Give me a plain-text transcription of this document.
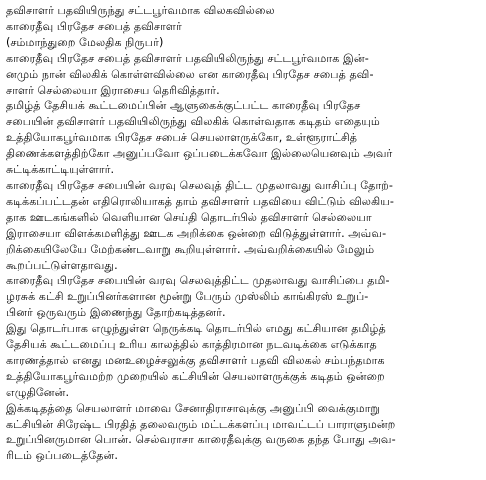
தவிசாளர் பதவியிருந்து சட்டபூர்வமாக விலகவில்லை
காரைதீவு பிரதேச சபைத் தவிசாளர்
(சம்மாந்துறை மேலதிக நிருபர்)
காரைதீவு பிரதேச சபைத் தவிசாளர் பதவியிலிருந்து சட்டபூர்வமாக இன்-
னமும் நான் விலகிக் கொள்ளவில்லை என காரைதீவு பிரதேச சபைத் தவி-
சாளர் செல்லையா இராசைய தெரிவித்தார்.
தமிழ்த் தேசியக் கூட்டமைப்பின் ஆளுகைக்குட்பட்ட காரைதீவு பிரதேச
சபையின் தவிசாளர் பதவியிலிருந்து விலகிக் கொள்வதாக கடிதம் எதையும்
உத்தியோகபூர்வமாக பிரதேச சபைச் செயலாளருக்கோ, உள்ளூராட்சித்
திணைக்களத்திற்கோ அனுப்பவோ ஒப்படைக்கவோ இல்லையெனவும் அவர்
சுட்டிக்காட்டியுள்ளார்.
காரைதீவு பிரதேச சபையின் வரவு செலவுத் திட்ட முதலாவது வாசிப்பு தோற்-
கடிக்கப்பட்டதன் எதிரொலியாகத் தாம் தவிசாளர் பதவியை விட்டும் விலகிய-
தாக ஊடகங்களில் வெளியான செய்தி தொடர்பில் தவிசாளர் செல்லையா
இராசையா விளக்கமளித்து ஊடக அறிக்கை ஒன்றை விடுத்துள்ளார். அவ்வ-
றிக்கையிலேயே மேற்கண்டவாறு கூறியுள்ளார். அவ்வறிக்கையில் மேலும்
கூறப்பட்டுள்ளதாவது.
காரைதீவு பிரதேச சபையின் வரவு செலவுத்திட்ட முதலாவது வாசிப்பை தமி-
ழரசுக் கட்சி உறுப்பினர்களான மூன்று பேரும் முஸ்லிம் காங்கிரஸ் உறுப்-
பினர் ஒருவரும் இணைந்து தோற்கடித்தனர்.
இது தொடர்பாக எழுந்துள்ள நெருக்கடி தொடர்பில் எமது கட்சியான தமிழ்த்
தேசியக் கூட்டமைப்பு உரிய காலத்தில் காத்திரமான நடவடிக்கை எடுக்காத
காரணத்தால் எனது மனஉழைச்சலுக்கு தவிசாளர் பதவி விலகல் சம்பந்தமாக
உத்தியோகபூர்வமற்ற முறையில் கட்சியின் செயலாளருக்குக் கடிதம் ஒன்றை
எழுதினேன்.
இக்கடிதத்தை செயலாளர் மாவை சேனாதிராசாவுக்கு அனுப்பி வைக்குமாறு
கட்சியின் சிரேஷ்ட பிரதித் தலைவரும் மட்டக்களப்பு மாவட்டப் பாராளுமன்ற
உறுப்பினருமான பொன். செல்வராசா காரைதீவுக்கு வருகை தந்த போது அவ-
ரிடம் ஒப்படைத்தேன்.
